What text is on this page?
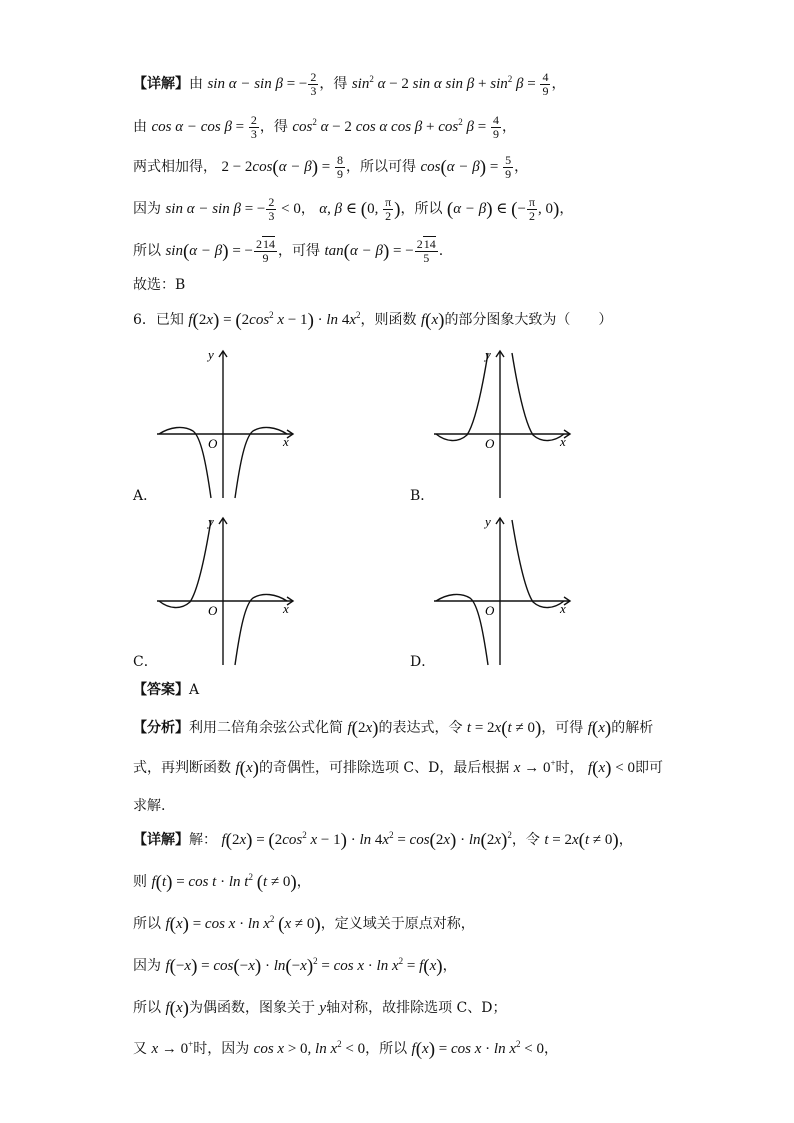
【详解】由 sin α − sin β = − $\frac{2}{3}$ ，得 $\sin^2 \alpha - 2$ sin α $\sin \beta + \sin^2 \beta = \frac{4}{9}$ ，
由 $\cos \alpha - \cos \beta = \frac{2}{3}$ ，得 $\cos^2 \alpha - 2$ cos α $\cos \beta + \cos^2 \beta = \frac{4}{9}$ ，
两式相加得， $2 - 2\cos(\alpha - \beta) = \frac{8}{9}$ ，所以可得 $\cos(\alpha - \beta) = \frac{5}{9}$ ，
因为 sin α − sin β = − $\frac{2}{3} < 0$， α, β ∈ (0, $\frac{\pi}{2}$ )，所以 (α − β) ∈ (− $\frac{\pi}{2}$ , 0)，
所以 sin(α − β) = − $\frac{214}{9}$ ，可得 tan(α − β) = − $\frac{214}{5}$ .
故选：B
6．已知 $f(2x) = (2\cos^2$ $x - 1) \cdot \ln 4x^2$，则函数 f(x)的部分图象大致为（　　）
y
x
O
A．
y
x
O
B．
y
x
O
C．
y
x
O
D．
【答案】A
【分析】利用二倍角余弦公式化简 f(2x)的表达式，令 t = 2x(t ≠ 0)，可得 f(x)的解析
式，再判断函数 f(x)的奇偶性，可排除选项 C、D，最后根据 x → 0+时， f(x) < 0即可
求解.
【详解】解： $f(2x) = (2\cos^2$ $x - 1) \cdot \ln 4x^2 = \cos(2x) \cdot \ln(2x)^2$，令 t = 2x(t ≠ 0)，
则 $f(t) = \cos t \cdot \ln t^2$ (t ≠ 0)，
所以 $f(x) = \cos x \cdot \ln x^2$ (x ≠ 0)，定义域关于原点对称，
因为 $f(-x) = \cos(-x) \cdot \ln(-x)^2 = \cos x \cdot \ln x^2 = f(x)$，
所以 f(x)为偶函数，图象关于 y轴对称，故排除选项 C、D；
又 x → 0+时，因为 cos x > 0, $\ln x^2 < 0$，所以 $f(x) = \cos x \cdot \ln x^2 < 0$，
